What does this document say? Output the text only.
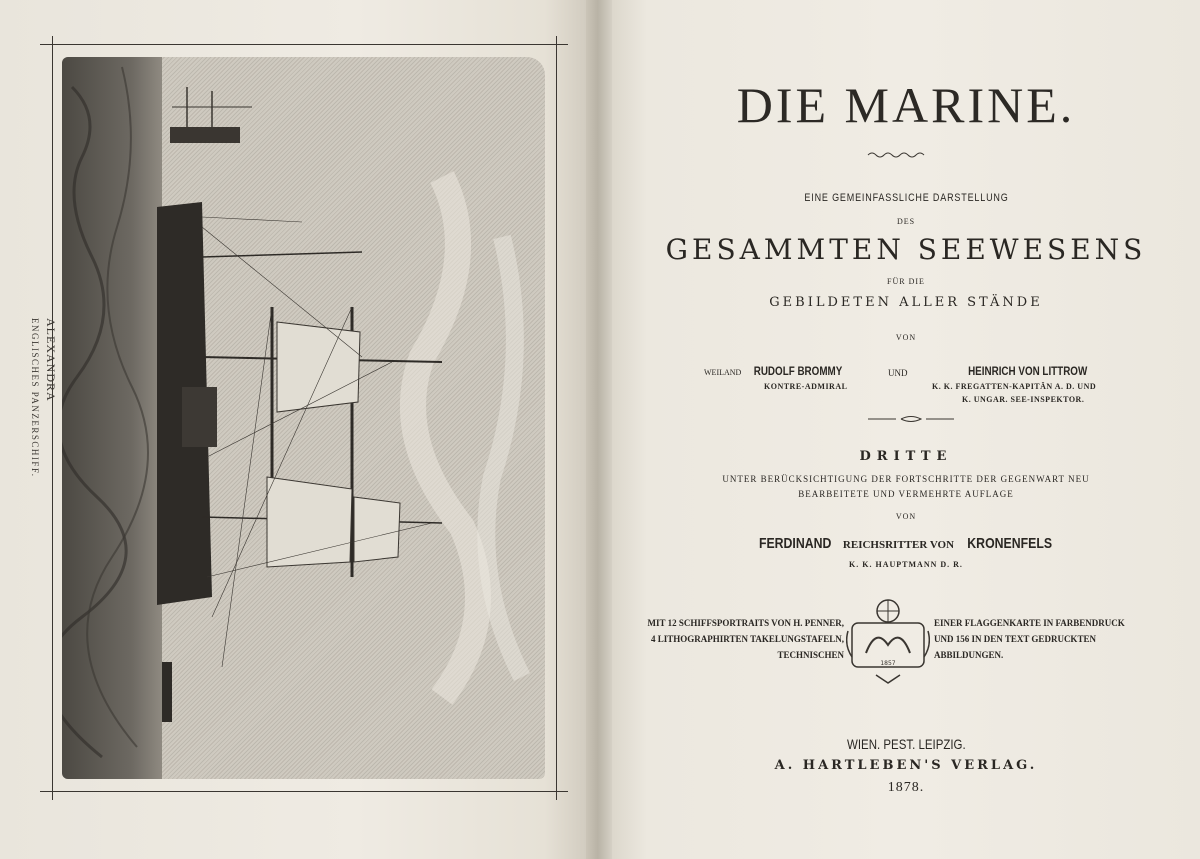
ALEXANDRA
ENGLISCHES PANZERSCHIFF.
DIE MARINE.
EINE GEMEINFASSLICHE DARSTELLUNG
DES
GESAMMTEN SEEWESENS
FÜR DIE
GEBILDETEN ALLER STÄNDE
VON
WEILAND RUDOLF BROMMY
KONTRE-ADMIRAL
UND	HEINRICH VON LITTROW
K. K. FREGATTEN-KAPITÄN A. D. UND
K. UNGAR. SEE-INSPEKTOR.
DRITTE
UNTER BERÜCKSICHTIGUNG DER FORTSCHRITTE DER GEGENWART NEU
BEARBEITETE UND VERMEHRTE AUFLAGE
VON
FERDINAND REICHSRITTER VON KRONENFELS
K. K. HAUPTMANN D. R.
MIT 12 SCHIFFSPORTRAITS VON H. PENNER,
4 LITHOGRAPHIRTEN TAKELUNGSTAFELN,
TECHNISCHEN
1857
EINER FLAGGENKARTE IN FARBENDRUCK
UND 156 IN DEN TEXT GEDRUCKTEN
ABBILDUNGEN.
WIEN. PEST. LEIPZIG.
A. HARTLEBEN'S VERLAG.
1878.
